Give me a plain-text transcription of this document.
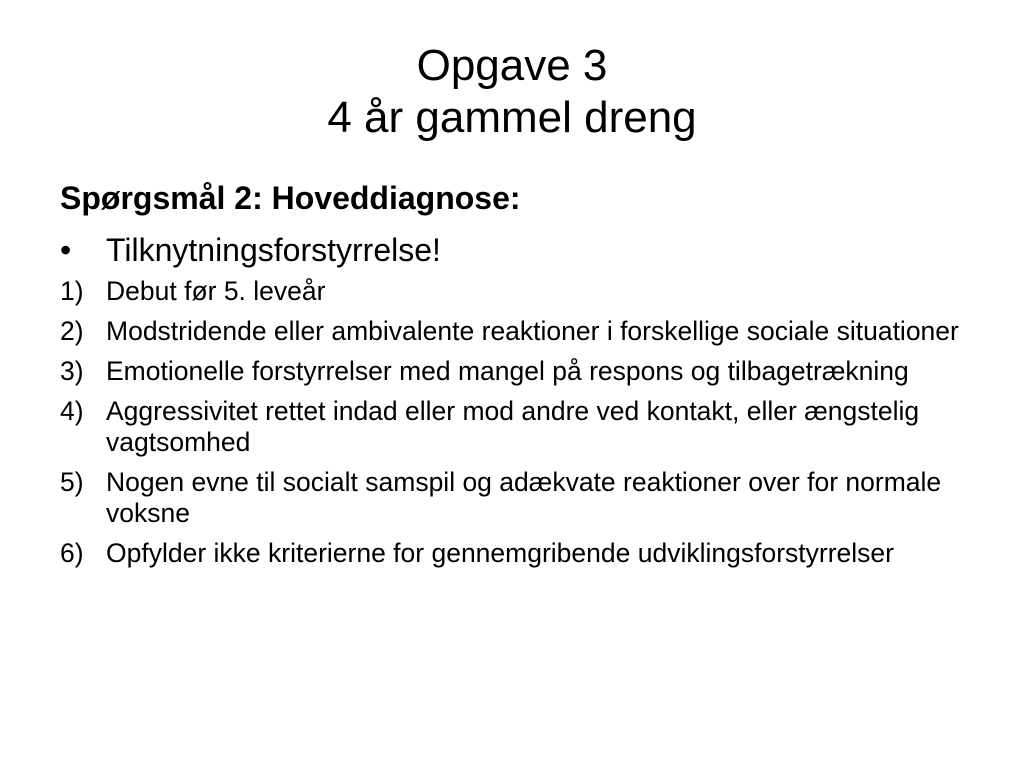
Opgave 3
4 år gammel dreng
Spørgsmål 2: Hoveddiagnose:
•	Tilknytningsforstyrrelse!
1) Debut før 5. leveår
2) Modstridende eller ambivalente reaktioner i forskellige sociale situationer
3) Emotionelle forstyrrelser med mangel på respons og tilbagetrækning
4) Aggressivitet rettet indad eller mod andre ved kontakt, eller ængstelig vagtsomhed
5) Nogen evne til socialt samspil og adækvate reaktioner over for normale voksne
6) Opfylder ikke kriterierne for gennemgribende udviklingsforstyrrelser
